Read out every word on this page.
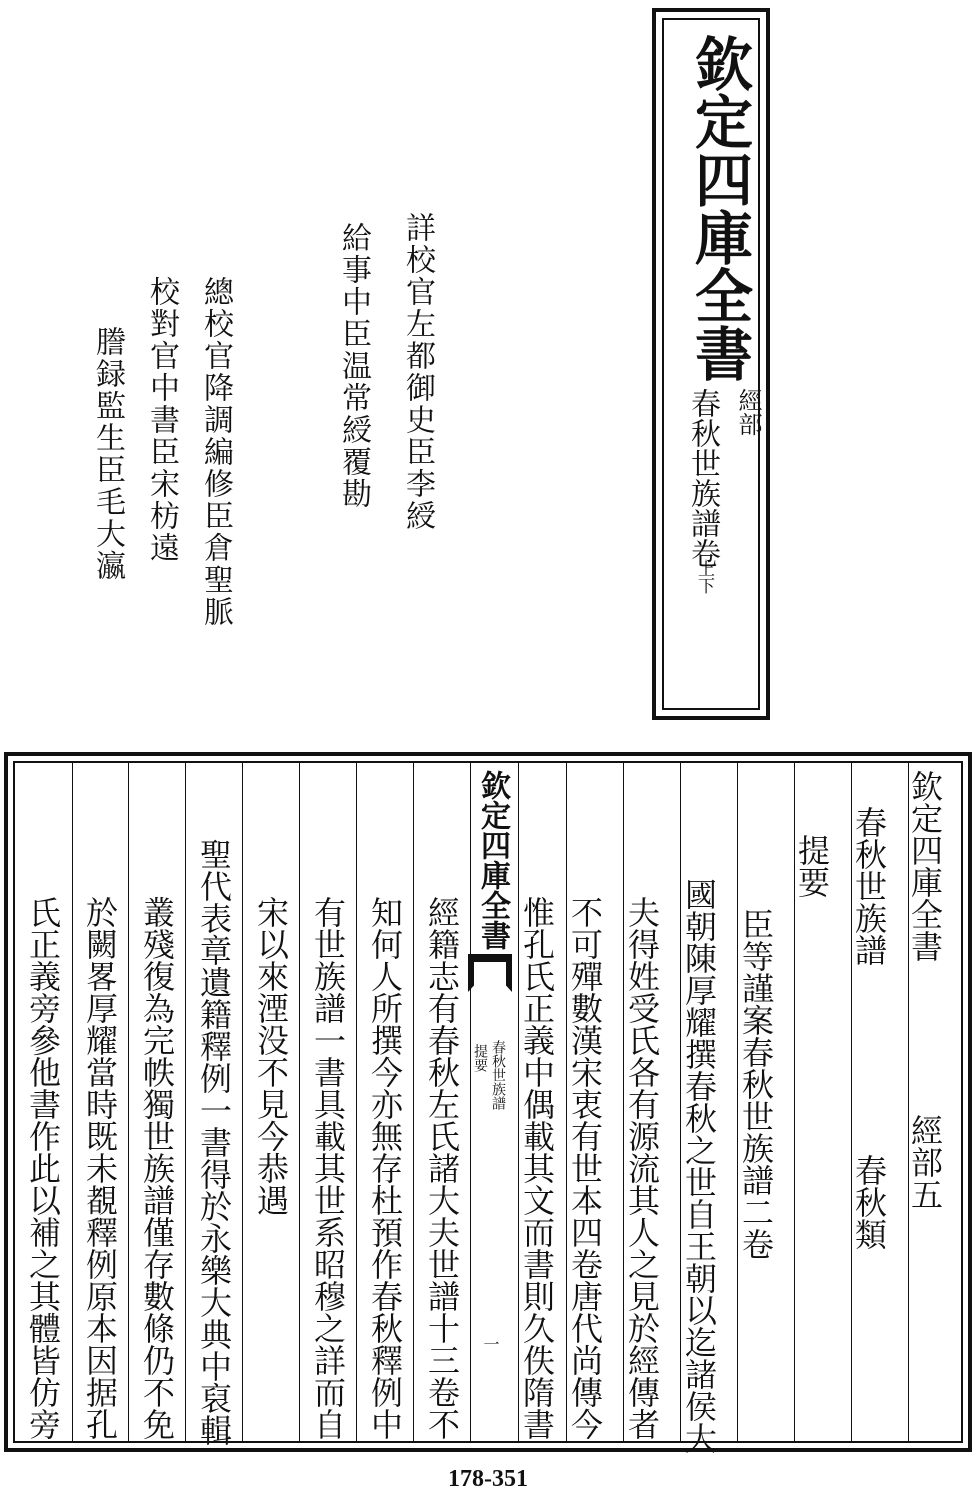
欽定四庫全書
經部
春秋世族譜卷
上下
詳校官左都御史臣李綬
給事中臣温常綬覆勘
總校官降調編修臣倉聖脈
校對官中書臣宋枋遠
謄録監生臣毛大瀛
欽定四庫全書
經部五
春秋世族譜
春秋類
提要
臣等謹案春秋世族譜二卷
國朝陳厚耀撰春秋之世自王朝以迄諸侯大
夫得姓受氏各有源流其人之見於經傳者
不可殫數漢宋衷有世本四卷唐代尚傳今
惟孔氏正義中偶載其文而書則久佚隋書
經籍志有春秋左氏諸大夫世譜十三卷不
知何人所撰今亦無存杜預作春秋釋例中
有世族譜一書具載其世系昭穆之詳而自
宋以來湮没不見今恭遇
聖代表章遺籍釋例一書得於永樂大典中裒輯
叢殘復為完帙獨世族譜僅存數條仍不免
於闕畧厚耀當時既未覩釋例原本因据孔
氏正義旁參他書作此以補之其體皆仿旁
欽定四庫全書
春秋世族譜
提要
一
178-351
